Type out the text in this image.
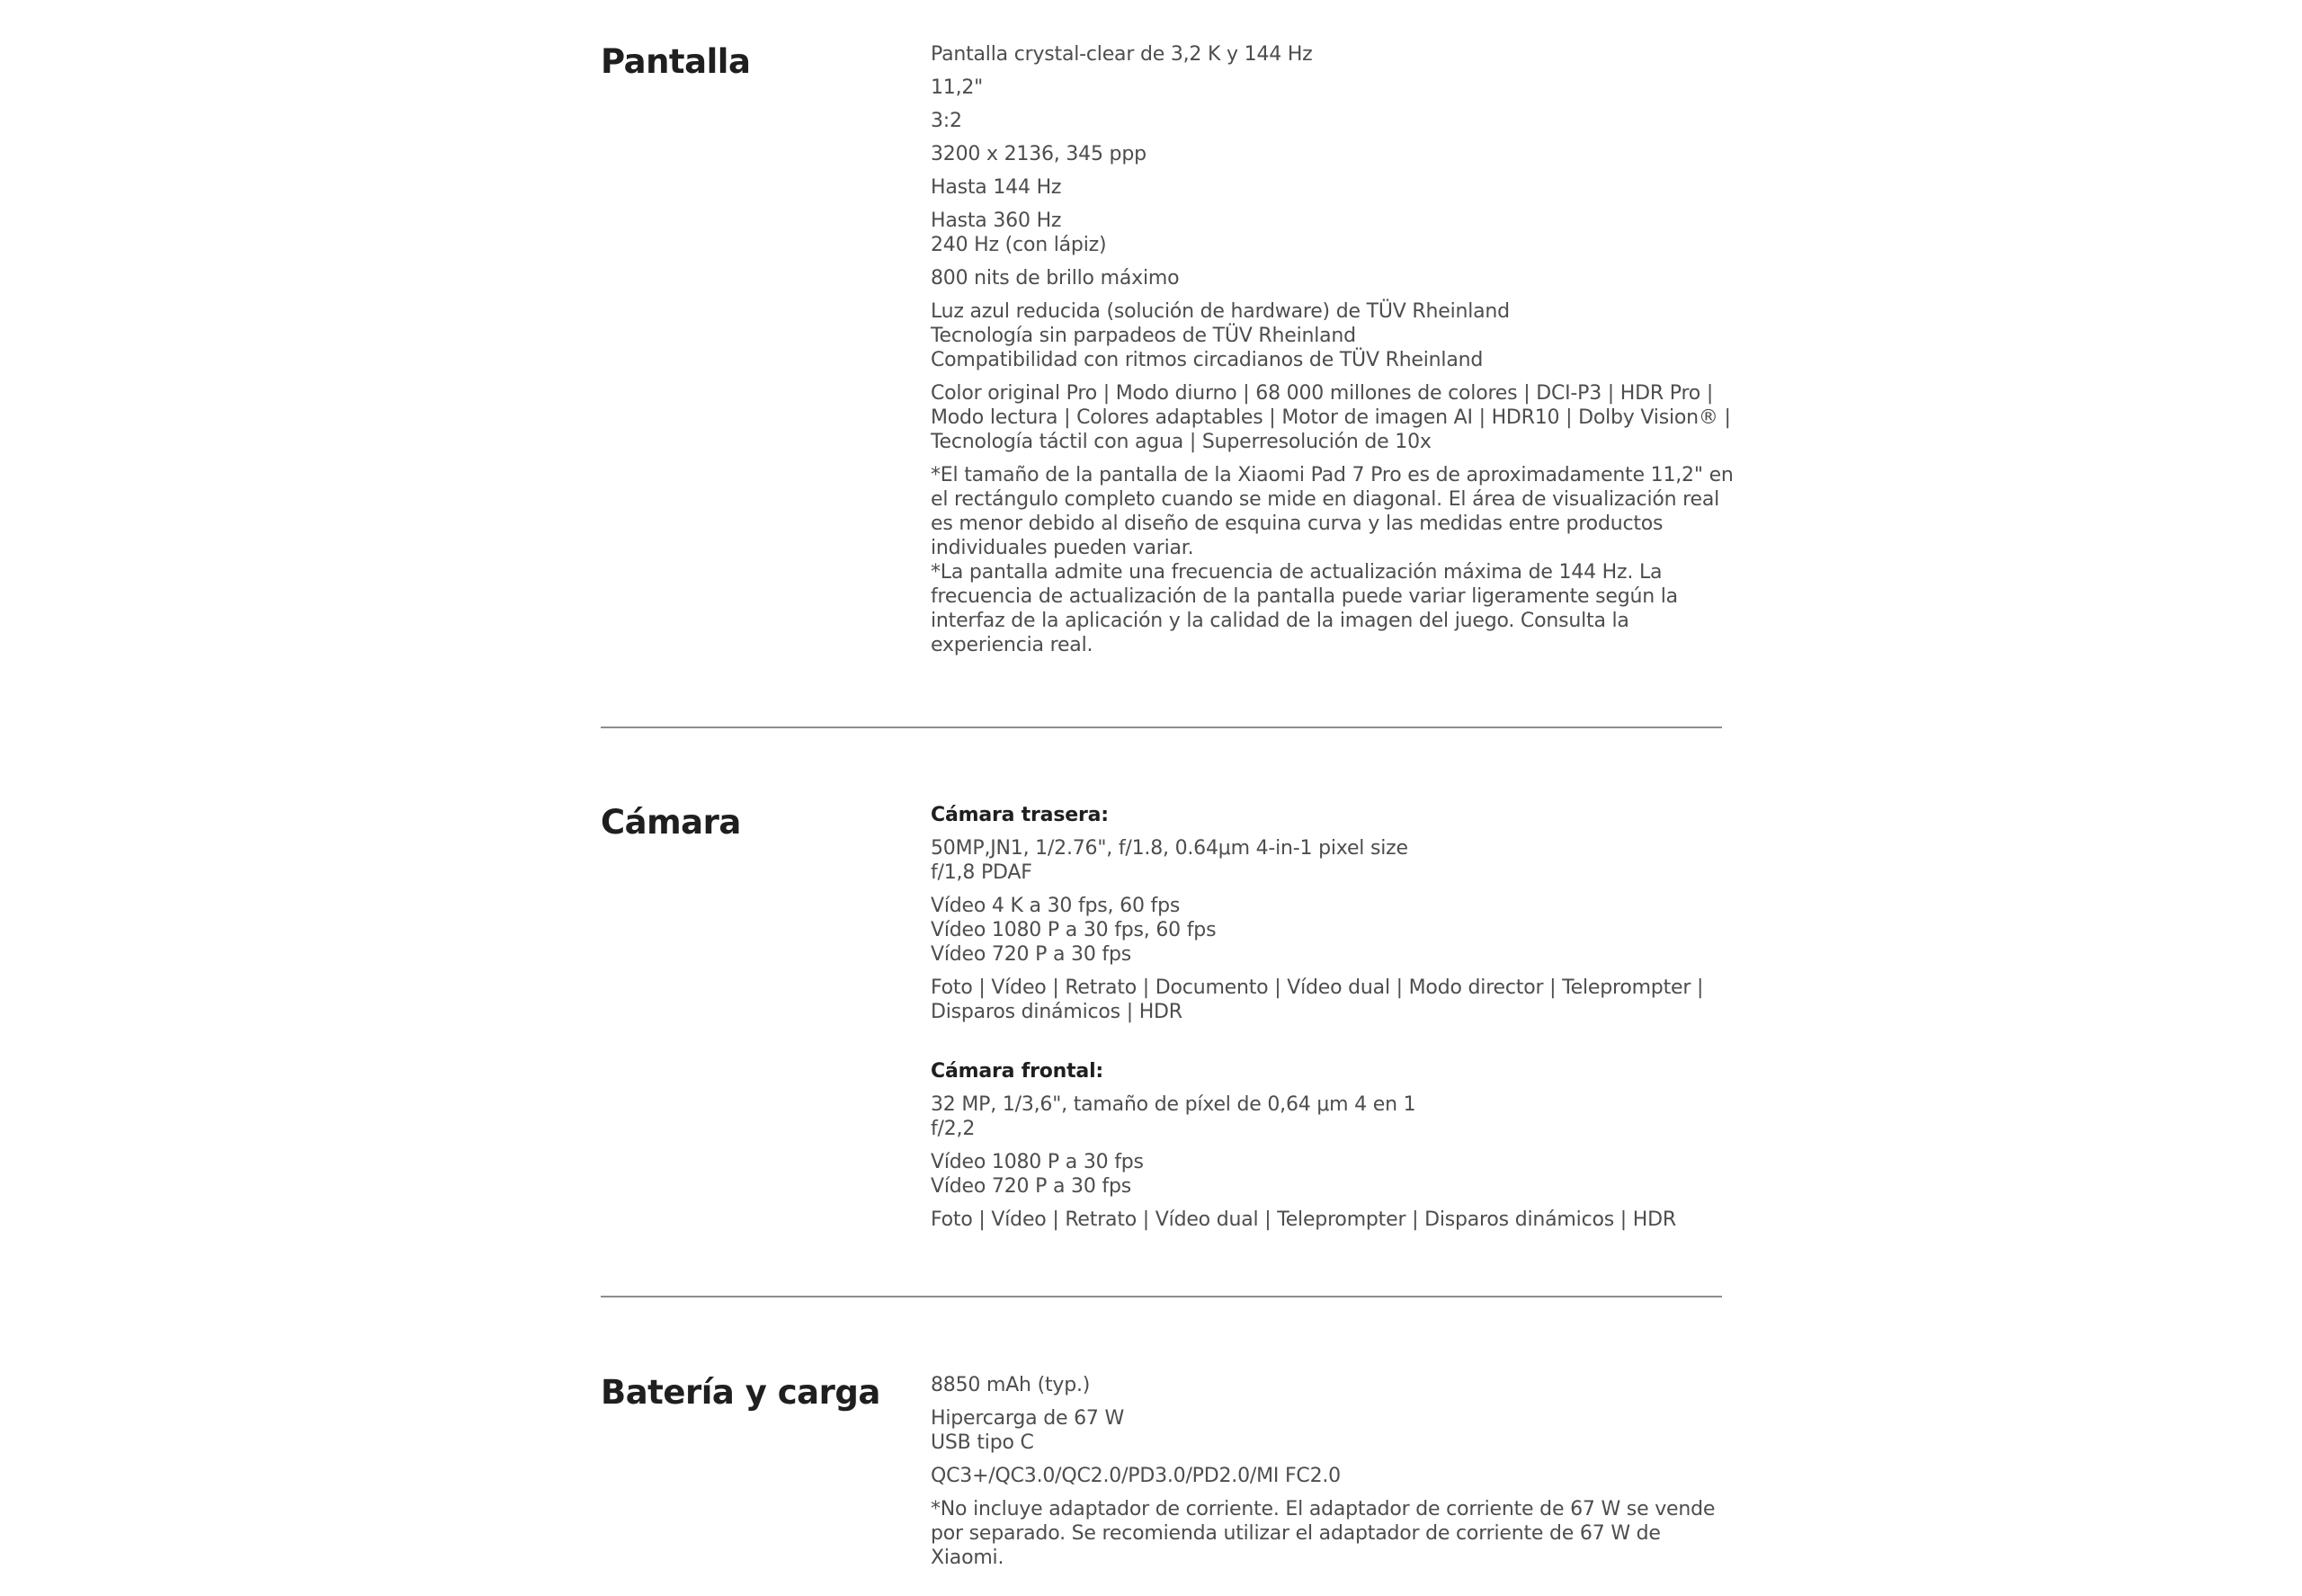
Pantalla	Pantalla crystal-clear de 3,2 K y 144 Hz
11,2"
3:2
3200 x 2136, 345 ppp
Hasta 144 Hz
Hasta 360 Hz
240 Hz (con lápiz)
800 nits de brillo máximo
Luz azul reducida (solución de hardware) de TÜV Rheinland
Tecnología sin parpadeos de TÜV Rheinland
Compatibilidad con ritmos circadianos de TÜV Rheinland
Color original Pro | Modo diurno | 68 000 millones de colores | DCI-P3 | HDR Pro |
Modo lectura | Colores adaptables | Motor de imagen AI | HDR10 | Dolby Vision® |
Tecnología táctil con agua | Superresolución de 10x
*El tamaño de la pantalla de la Xiaomi Pad 7 Pro es de aproximadamente 11,2" en
el rectángulo completo cuando se mide en diagonal. El área de visualización real
es menor debido al diseño de esquina curva y las medidas entre productos
individuales pueden variar.
*La pantalla admite una frecuencia de actualización máxima de 144 Hz. La
frecuencia de actualización de la pantalla puede variar ligeramente según la
interfaz de la aplicación y la calidad de la imagen del juego. Consulta la
experiencia real.
Cámara	Cámara trasera:
50MP,JN1, 1/2.76", f/1.8, 0.64μm 4-in-1 pixel size
f/1,8 PDAF
Vídeo 4 K a 30 fps, 60 fps
Vídeo 1080 P a 30 fps, 60 fps
Vídeo 720 P a 30 fps
Foto | Vídeo | Retrato | Documento | Vídeo dual | Modo director | Teleprompter |
Disparos dinámicos | HDR
Cámara frontal:
32 MP, 1/3,6", tamaño de píxel de 0,64 μm 4 en 1
f/2,2
Vídeo 1080 P a 30 fps
Vídeo 720 P a 30 fps
Foto | Vídeo | Retrato | Vídeo dual | Teleprompter | Disparos dinámicos | HDR
Batería y carga	8850 mAh (typ.)
Hipercarga de 67 W
USB tipo C
QC3+/QC3.0/QC2.0/PD3.0/PD2.0/MI FC2.0
*No incluye adaptador de corriente. El adaptador de corriente de 67 W se vende
por separado. Se recomienda utilizar el adaptador de corriente de 67 W de
Xiaomi.
